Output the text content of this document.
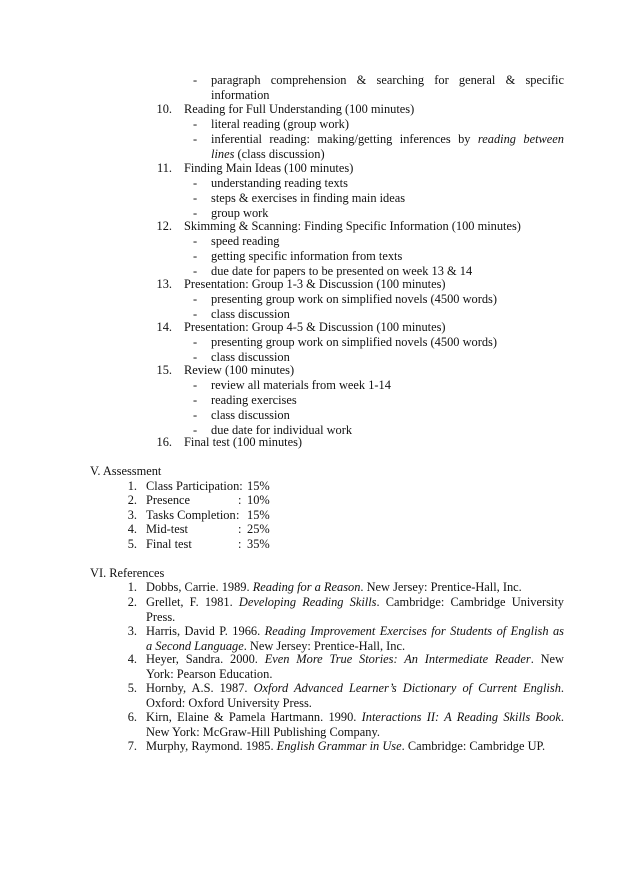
- paragraph comprehension & searching for general & specific
information
10. Reading for Full Understanding (100 minutes)
- literal reading (group work)
- inferential reading: making/getting inferences by reading between
lines (class discussion)
11. Finding Main Ideas (100 minutes)
- understanding reading texts
- steps & exercises in finding main ideas
- group work
12. Skimming & Scanning: Finding Specific Information (100 minutes)
- speed reading
- getting specific information from texts
- due date for papers to be presented on week 13 & 14
13. Presentation: Group 1-3 & Discussion (100 minutes)
- presenting group work on simplified novels (4500 words)
- class discussion
14. Presentation: Group 4-5 & Discussion (100 minutes)
- presenting group work on simplified novels (4500 words)
- class discussion
15. Review (100 minutes)
- review all materials from week 1-14
- reading exercises
- class discussion
- due date for individual work
16. Final test (100 minutes)
V. Assessment
1. Class Participation: 15%
2. Presence	: 10%
3. Tasks Completion : 15%
4. Mid-test	: 25%
5. Final test	: 35%
VI. References
1. Dobbs, Carrie. 1989. Reading for a Reason. New Jersey: Prentice-Hall, Inc.
2. Grellet, F. 1981. Developing Reading Skills. Cambridge: Cambridge University
Press.
3. Harris, David P. 1966. Reading Improvement Exercises for Students of English as
a Second Language. New Jersey: Prentice-Hall, Inc.
4. Heyer, Sandra. 2000. Even More True Stories: An Intermediate Reader. New
York: Pearson Education.
5. Hornby, A.S. 1987. Oxford Advanced Learner’s Dictionary of Current English.
Oxford: Oxford University Press.
6. Kirn, Elaine & Pamela Hartmann. 1990. Interactions II: A Reading Skills Book.
New York: McGraw-Hill Publishing Company.
7. Murphy, Raymond. 1985. English Grammar in Use. Cambridge: Cambridge UP.
